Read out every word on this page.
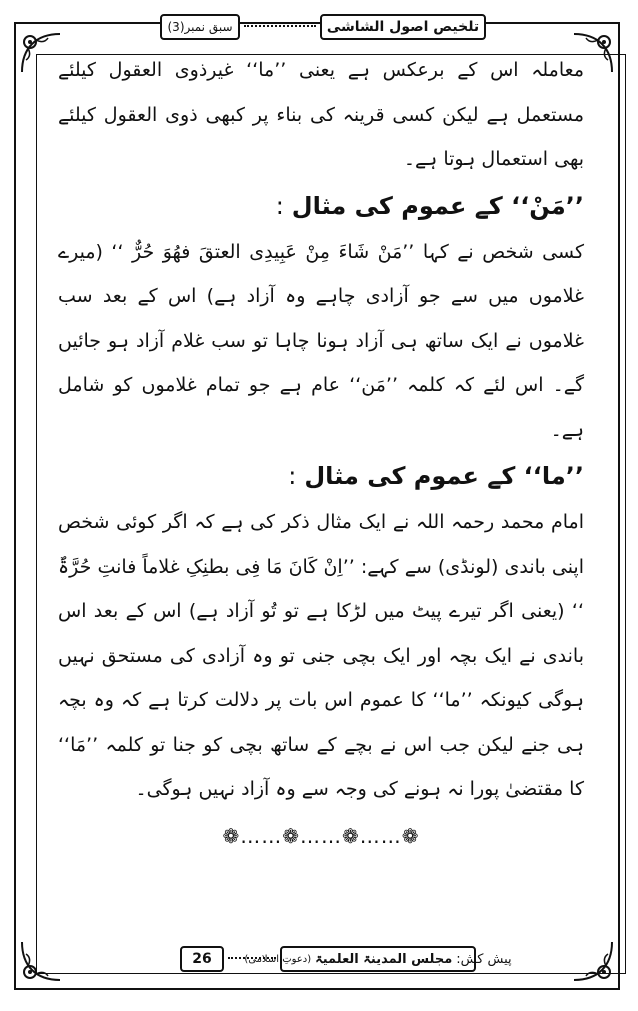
سبق نمبر(3)	تلخیص اصول الشاشی

معاملہ اس کے برعکس ہے یعنی ’’ما‘‘ غیرذوی العقول کیلئے مستعمل ہے لیکن کسی قرینہ کی بناء پر کبھی ذوی العقول کیلئے بھی استعمال ہوتا ہے۔

’’مَنْ‘‘ کے عموم کی مثال:

کسی شخص نے کہا ’’مَنْ شَاءَ مِنْ عَبِیدِی العتقَ فھُوَ حُرٌّ ‘‘ (میرے غلاموں میں سے جو آزادی چاہے وہ آزاد ہے) اس کے بعد سب غلاموں نے ایک ساتھ ہی آزاد ہونا چاہا تو سب غلام آزاد ہو جائیں گے۔ اس لئے کہ کلمہ ’’مَن‘‘ عام ہے جو تمام غلاموں کو شامل ہے۔

’’ما‘‘ کے عموم کی مثال:

امام محمد رحمہ اللہ نے ایک مثال ذکر کی ہے کہ اگر کوئی شخص اپنی باندی (لونڈی) سے کہے: ’’اِنْ کَانَ مَا فِی بطنِکِ غلاماً فانتِ حُرَّۃٌ ‘‘ (یعنی اگر تیرے پیٹ میں لڑکا ہے تو تُو آزاد ہے) اس کے بعد اس باندی نے ایک بچہ اور ایک بچی جنی تو وہ آزادی کی مستحق نہیں ہوگی کیونکہ ’’ما‘‘ کا عموم اس بات پر دلالت کرتا ہے کہ وہ بچہ ہی جنے لیکن جب اس نے بچے کے ساتھ بچی کو جنا تو کلمہ ’’مَا‘‘ کا مقتضیٰ پورا نہ ہونے کی وجہ سے وہ آزاد نہیں ہوگی۔

❁……❁……❁……❁
26	پیش کش:
مجلس المدینۃ العلمیۃ
(دعوتِ اسلامی)
